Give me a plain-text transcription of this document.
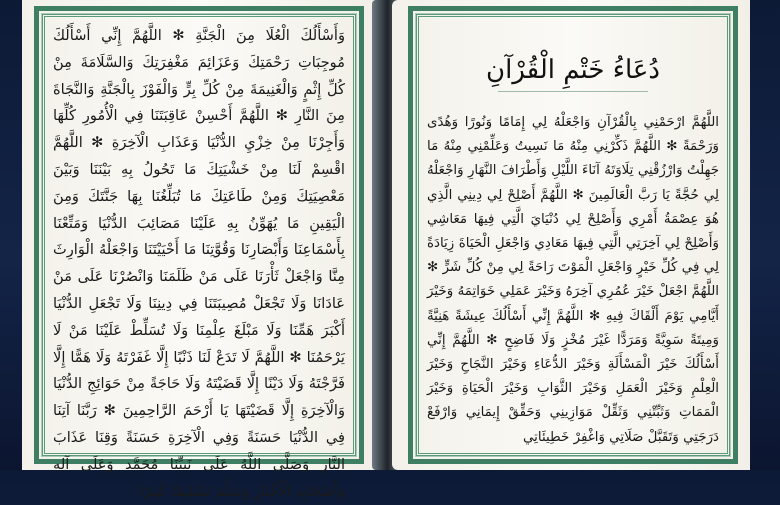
وَأَسْأَلُكَ الْعُلَا مِنَ الْجَنَّةِ ✻ اللَّهُمَّ إِنِّي أَسْأَلُكَ مُوجِبَاتِ رَحْمَتِكَ وَعَزَائِمَ مَغْفِرَتِكَ وَالسَّلَامَةَ مِنْ كُلِّ إِثْمٍ وَالْغَنِيمَةَ مِنْ كُلِّ بِرٍّ وَالْفَوْزَ بِالْجَنَّةِ وَالنَّجَاةَ مِنَ النَّارِ ✻ اللَّهُمَّ أَحْسِنْ عَاقِبَتَنَا فِي الْأُمُورِ كُلِّهَا وَأَجِرْنَا مِنْ خِزْيِ الدُّنْيَا وَعَذَابِ الْآخِرَةِ ✻ اللَّهُمَّ اقْسِمْ لَنَا مِنْ خَشْيَتِكَ مَا تَحُولُ بِهِ بَيْنَنَا وَبَيْنَ مَعْصِيَتِكَ وَمِنْ طَاعَتِكَ مَا تُبَلِّغُنَا بِهَا جَنَّتَكَ وَمِنَ الْيَقِينِ مَا يُهَوِّنُ بِهِ عَلَيْنَا مَصَائِبَ الدُّنْيَا وَمَتِّعْنَا بِأَسْمَاعِنَا وَأَبْصَارِنَا وَقُوَّتِنَا مَا أَحْيَيْتَنَا وَاجْعَلْهُ الْوَارِثَ مِنَّا وَاجْعَلْ ثَأْرَنَا عَلَى مَنْ ظَلَمَنَا وَانْصُرْنَا عَلَى مَنْ عَادَانَا وَلَا تَجْعَلْ مُصِيبَتَنَا فِي دِينِنَا وَلَا تَجْعَلِ الدُّنْيَا أَكْبَرَ هَمِّنَا وَلَا مَبْلَغَ عِلْمِنَا وَلَا تُسَلِّطْ عَلَيْنَا مَنْ لَا يَرْحَمُنَا ✻ اللَّهُمَّ لَا تَدَعْ لَنَا ذَنْبًا إِلَّا غَفَرْتَهُ وَلَا هَمًّا إِلَّا فَرَّجْتَهُ وَلَا دَيْنًا إِلَّا قَضَيْتَهُ وَلَا حَاجَةً مِنْ حَوَائِجِ الدُّنْيَا وَالْآخِرَةِ إِلَّا قَضَيْتَهَا يَا أَرْحَمَ الرَّاحِمِينَ ✻ رَبَّنَا آتِنَا فِي الدُّنْيَا حَسَنَةً وَفِي الْآخِرَةِ حَسَنَةً وَقِنَا عَذَابَ النَّارِ وَصَلَّى اللَّهُ عَلَى نَبِيِّنَا مُحَمَّدٍ وَعَلَى آلِهِ وَأَصْحَابِهِ الْأَخْيَارِ وَسَلَّمَ تَسْلِيمًا كَثِيرًا

دُعَاءُ خَتْمِ الْقُرْآنِ

اللَّهُمَّ ارْحَمْنِي بِالْقُرْآنِ وَاجْعَلْهُ لِي إِمَامًا وَنُورًا وَهُدًى وَرَحْمَةً ✻ اللَّهُمَّ ذَكِّرْنِي مِنْهُ مَا نَسِيتُ وَعَلِّمْنِي مِنْهُ مَا جَهِلْتُ وَارْزُقْنِي تِلَاوَتَهُ آنَاءَ اللَّيْلِ وَأَطْرَافَ النَّهَارِ وَاجْعَلْهُ لِي حُجَّةً يَا رَبَّ الْعَالَمِينَ ✻ اللَّهُمَّ أَصْلِحْ لِي دِينِي الَّذِي هُوَ عِصْمَةُ أَمْرِي وَأَصْلِحْ لِي دُنْيَايَ الَّتِي فِيهَا مَعَاشِي وَأَصْلِحْ لِي آخِرَتِي الَّتِي فِيهَا مَعَادِي وَاجْعَلِ الْحَيَاةَ زِيَادَةً لِي فِي كُلِّ خَيْرٍ وَاجْعَلِ الْمَوْتَ رَاحَةً لِي مِنْ كُلِّ شَرٍّ ✻ اللَّهُمَّ اجْعَلْ خَيْرَ عُمُرِي آخِرَهُ وَخَيْرَ عَمَلِي خَوَاتِمَهُ وَخَيْرَ أَيَّامِي يَوْمَ أَلْقَاكَ فِيهِ ✻ اللَّهُمَّ إِنِّي أَسْأَلُكَ عِيشَةً هَنِيَّةً وَمِيتَةً سَوِيَّةً وَمَرَدًّا غَيْرَ مُخْزٍ وَلَا فَاضِحٍ ✻ اللَّهُمَّ إِنِّي أَسْأَلُكَ خَيْرَ الْمَسْأَلَةِ وَخَيْرَ الدُّعَاءِ وَخَيْرَ النَّجَاحِ وَخَيْرَ الْعِلْمِ وَخَيْرَ الْعَمَلِ وَخَيْرَ الثَّوَابِ وَخَيْرَ الْحَيَاةِ وَخَيْرَ الْمَمَاتِ وَثَبِّتْنِي وَثَقِّلْ مَوَازِينِي وَحَقِّقْ إِيمَانِي وَارْفَعْ دَرَجَتِي وَتَقَبَّلْ صَلَاتِي وَاغْفِرْ خَطِيئَاتِي
